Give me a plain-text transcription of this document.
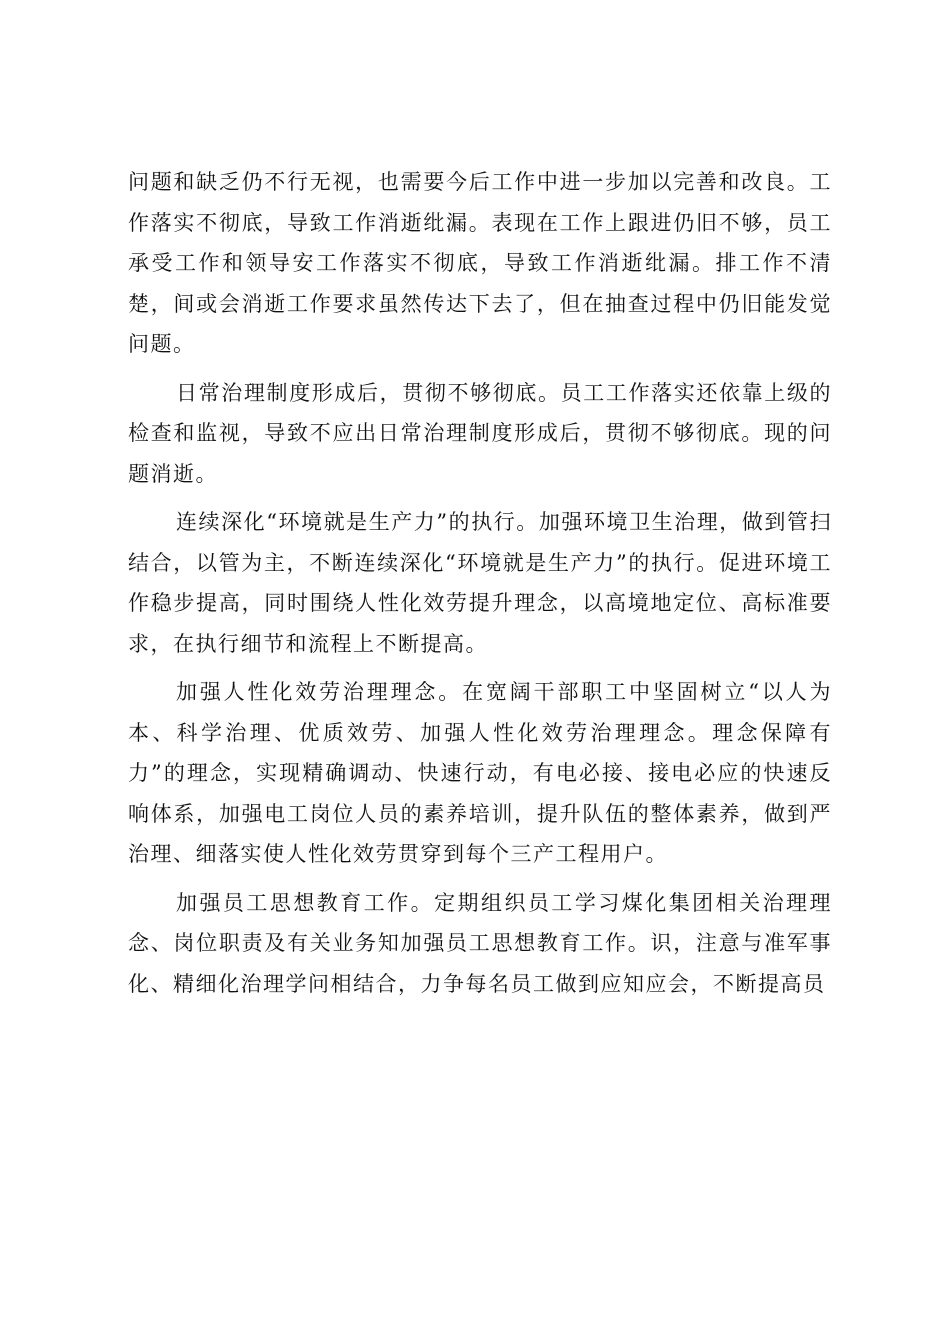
问题和缺乏仍不行无视，也需要今后工作中进一步加以完善和改良。工作落实不彻底，导致工作消逝纰漏。表现在工作上跟进仍旧不够，员工承受工作和领导安工作落实不彻底，导致工作消逝纰漏。排工作不清楚，间或会消逝工作要求虽然传达下去了，但在抽查过程中仍旧能发觉问题。

日常治理制度形成后，贯彻不够彻底。员工工作落实还依靠上级的检查和监视，导致不应出日常治理制度形成后，贯彻不够彻底。现的问题消逝。

连续深化“环境就是生产力”的执行。加强环境卫生治理，做到管扫结合，以管为主，不断连续深化“环境就是生产力”的执行。促进环境工作稳步提高，同时围绕人性化效劳提升理念，以高境地定位、高标准要求，在执行细节和流程上不断提高。

加强人性化效劳治理理念。在宽阔干部职工中坚固树立“以人为本、科学治理、优质效劳、加强人性化效劳治理理念。理念保障有力”的理念，实现精确调动、快速行动，有电必接、接电必应的快速反响体系，加强电工岗位人员的素养培训，提升队伍的整体素养，做到严治理、细落实使人性化效劳贯穿到每个三产工程用户。

加强员工思想教育工作。定期组织员工学习煤化集团相关治理理念、岗位职责及有关业务知加强员工思想教育工作。识，注意与准军事化、精细化治理学问相结合，力争每名员工做到应知应会，不断提高员
